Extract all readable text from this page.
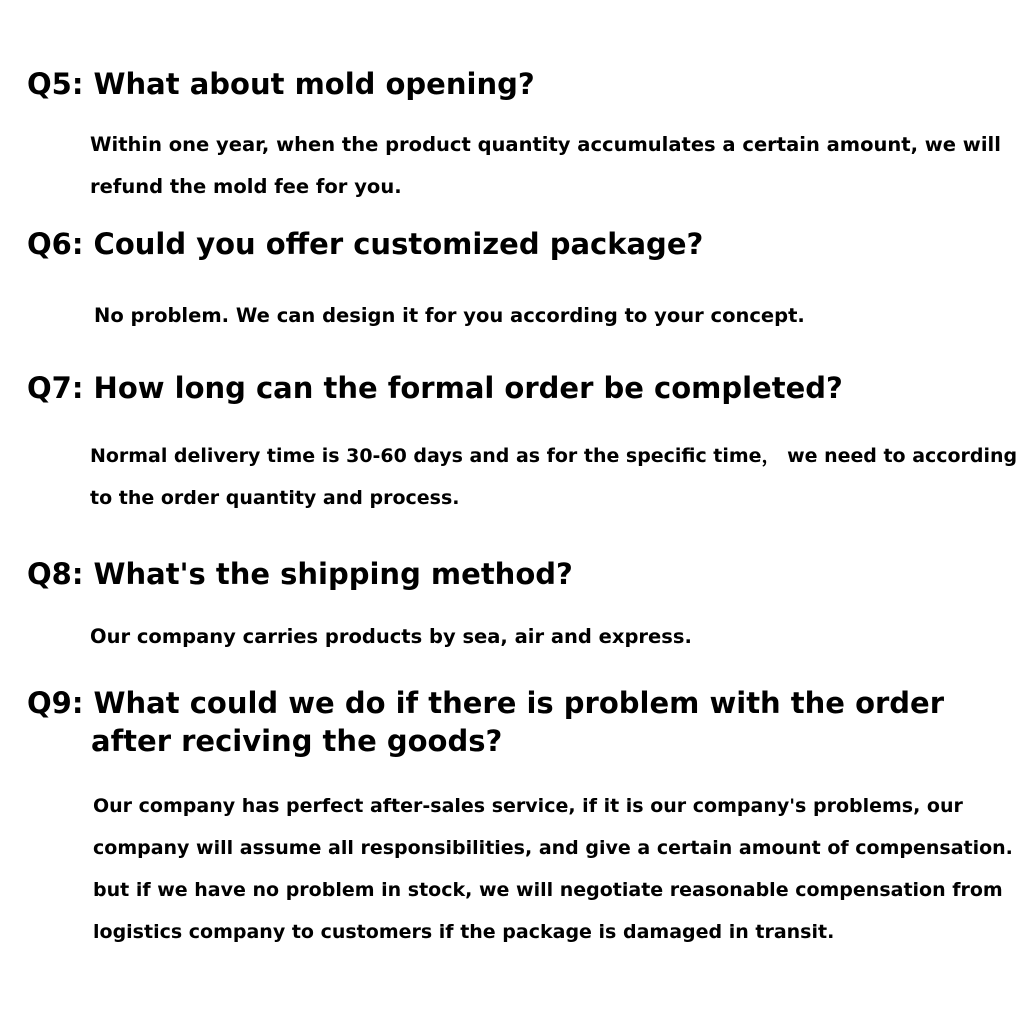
Q5: What about mold opening?
Within one year, when the product quantity accumulates a certain amount, we will
refund the mold fee for you.
Q6: Could you offer customized package?
No problem. We can design it for you according to your concept.
Q7: How long can the formal order be completed?
Normal delivery time is 30-60 days and as for the specific time， we need to according
to the order quantity and process.
Q8: What's the shipping method?
Our company carries products by sea, air and express.
Q9: What could we do if there is problem with the order
after reciving the goods?
Our company has perfect after-sales service, if it is our company's problems, our
company will assume all responsibilities, and give a certain amount of compensation.
but if we have no problem in stock, we will negotiate reasonable compensation from
logistics company to customers if the package is damaged in transit.
